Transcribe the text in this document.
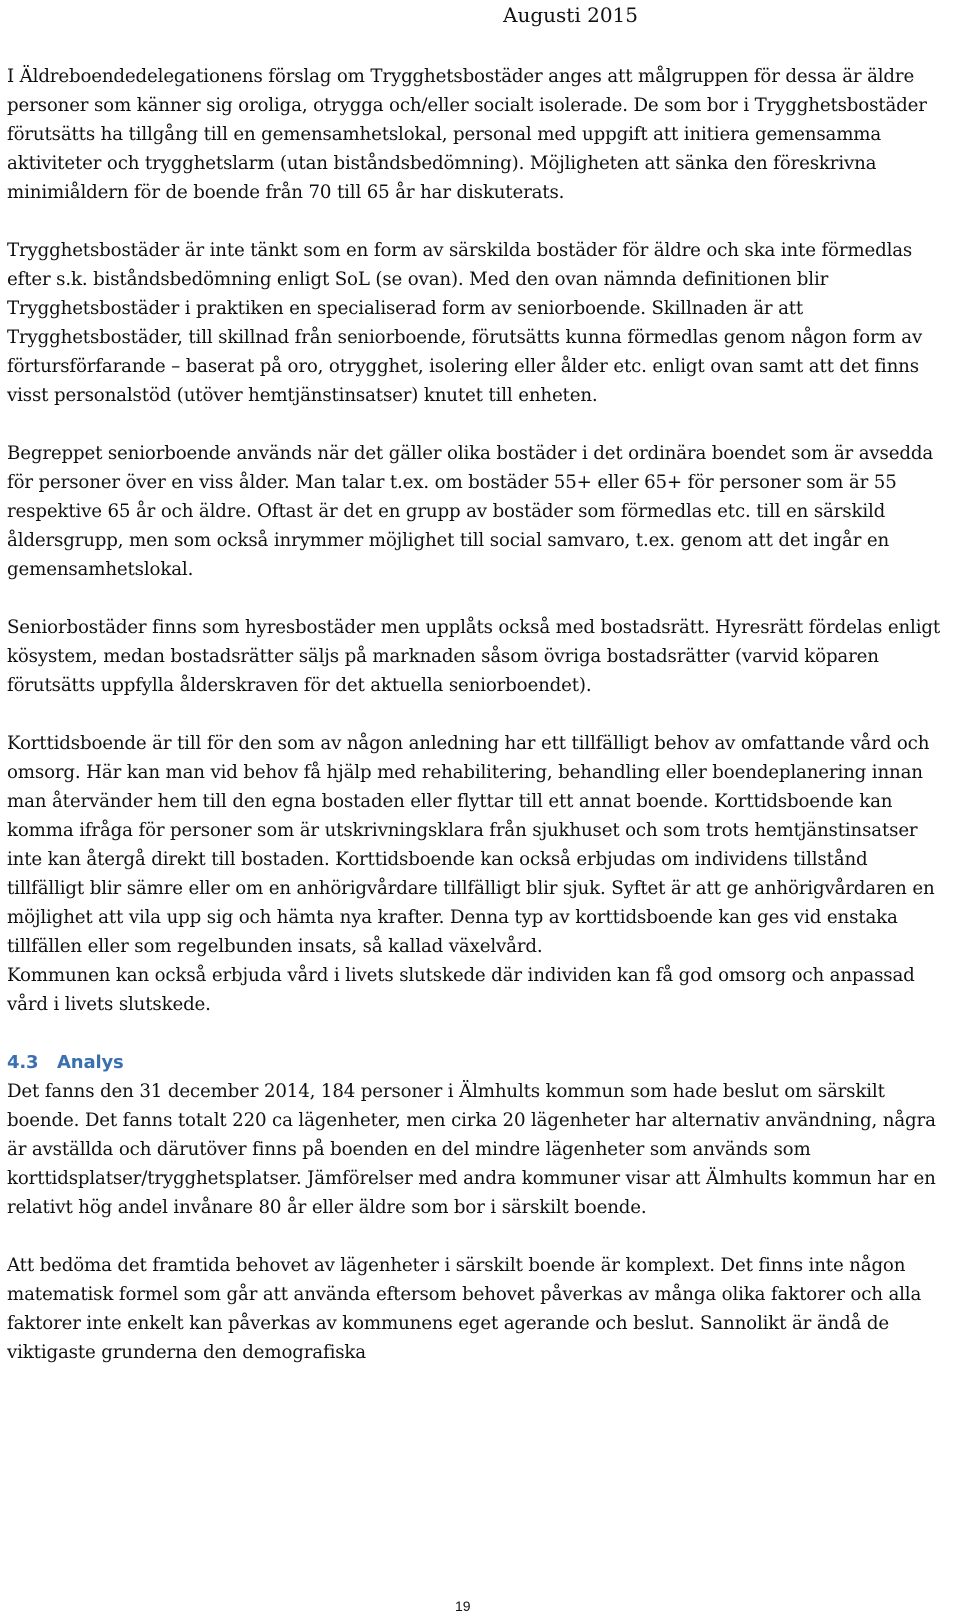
Augusti 2015

I Äldreboendedelegationens förslag om Trygghetsbostäder anges att målgruppen för dessa är äldre personer som känner sig oroliga, otrygga och/eller socialt isolerade. De som bor i Trygghetsbostäder förutsätts ha tillgång till en gemensamhetslokal, personal med uppgift att initiera gemensamma aktiviteter och trygghetslarm (utan biståndsbedömning). Möjligheten att sänka den föreskrivna minimiåldern för de boende från 70 till 65 år har diskuterats.

Trygghetsbostäder är inte tänkt som en form av särskilda bostäder för äldre och ska inte förmedlas efter s.k. biståndsbedömning enligt SoL (se ovan). Med den ovan nämnda definitionen blir Trygghetsbostäder i praktiken en specialiserad form av seniorboende. Skillnaden är att Trygghetsbostäder, till skillnad från seniorboende, förutsätts kunna förmedlas genom någon form av förtursförfarande – baserat på oro, otrygghet, isolering eller ålder etc. enligt ovan samt att det finns visst personalstöd (utöver hemtjänstinsatser) knutet till enheten.

Begreppet seniorboende används när det gäller olika bostäder i det ordinära boendet som är avsedda för personer över en viss ålder. Man talar t.ex. om bostäder 55+ eller 65+ för personer som är 55 respektive 65 år och äldre. Oftast är det en grupp av bostäder som förmedlas etc. till en särskild åldersgrupp, men som också inrymmer möjlighet till social samvaro, t.ex. genom att det ingår en gemensamhetslokal.

Seniorbostäder finns som hyresbostäder men upplåts också med bostadsrätt. Hyresrätt fördelas enligt kösystem, medan bostadsrätter säljs på marknaden såsom övriga bostadsrätter (varvid köparen förutsätts uppfylla ålderskraven för det aktuella seniorboendet).

Korttidsboende är till för den som av någon anledning har ett tillfälligt behov av omfattande vård och omsorg. Här kan man vid behov få hjälp med rehabilitering, behandling eller boendeplanering innan man återvänder hem till den egna bostaden eller flyttar till ett annat boende. Korttidsboende kan komma ifråga för personer som är utskrivningsklara från sjukhuset och som trots hemtjänstinsatser inte kan återgå direkt till bostaden. Korttidsboende kan också erbjudas om individens tillstånd tillfälligt blir sämre eller om en anhörigvårdare tillfälligt blir sjuk. Syftet är att ge anhörigvårdaren en möjlighet att vila upp sig och hämta nya krafter. Denna typ av korttidsboende kan ges vid enstaka tillfällen eller som regelbunden insats, så kallad växelvård.

Kommunen kan också erbjuda vård i livets slutskede där individen kan få god omsorg och anpassad vård i livets slutskede.

4.3 Analys

Det fanns den 31 december 2014, 184 personer i Älmhults kommun som hade beslut om särskilt boende. Det fanns totalt 220 ca lägenheter, men cirka 20 lägenheter har alternativ användning, några är avställda och därutöver finns på boenden en del mindre lägenheter som används som korttidsplatser/trygghetsplatser. Jämförelser med andra kommuner visar att Älmhults kommun har en relativt hög andel invånare 80 år eller äldre som bor i särskilt boende.

Att bedöma det framtida behovet av lägenheter i särskilt boende är komplext. Det finns inte någon matematisk formel som går att använda eftersom behovet påverkas av många olika faktorer och alla faktorer inte enkelt kan påverkas av kommunens eget agerande och beslut. Sannolikt är ändå de viktigaste grunderna den demografiska

19
